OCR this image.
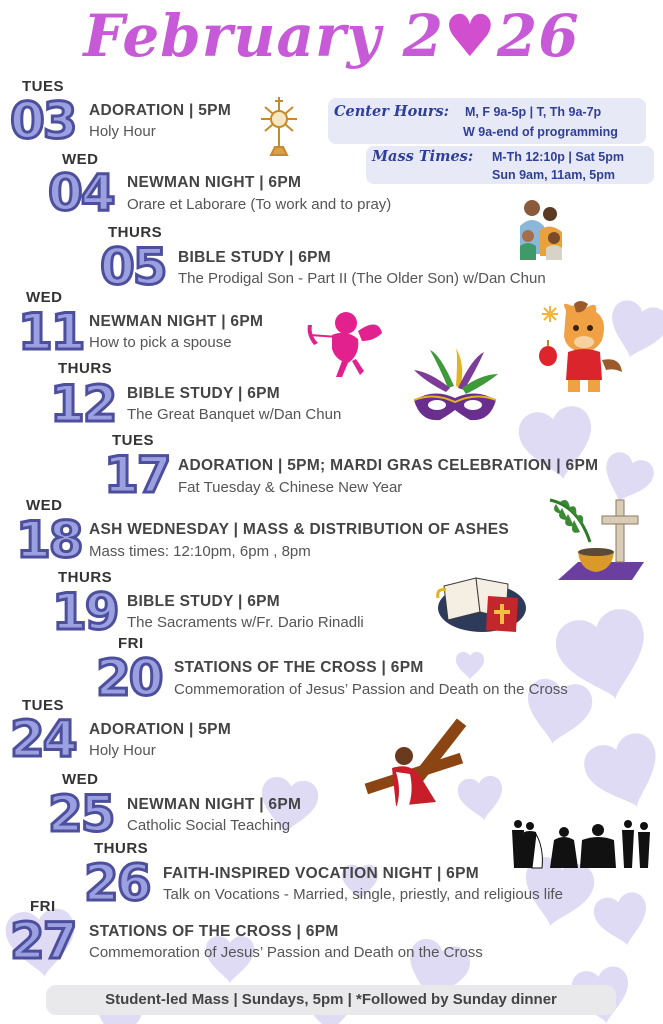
February 2♥26
Center Hours: M, F 9a-5p | T, Th 9a-7p
W 9a-end of programming
Mass Times: M-Th 12:10p | Sat 5pm
Sun 9am, 11am, 5pm
TUES
03 ADORATION | 5PM
Holy Hour
WED
04 NEWMAN NIGHT | 6PM
Orare et Laborare (To work and to pray)
THURS
05 BIBLE STUDY | 6PM
The Prodigal Son - Part II (The Older Son) w/Dan Chun
WED
11 NEWMAN NIGHT | 6PM
How to pick a spouse
THURS
12 BIBLE STUDY | 6PM
The Great Banquet w/Dan Chun
TUES
17 ADORATION | 5PM; MARDI GRAS CELEBRATION | 6PM
Fat Tuesday & Chinese New Year
WED
18 ASH WEDNESDAY | MASS & DISTRIBUTION OF ASHES
Mass times: 12:10pm, 6pm , 8pm
THURS
19 BIBLE STUDY | 6PM
The Sacraments w/Fr. Dario Rinadli
FRI
20 STATIONS OF THE CROSS | 6PM
Commemoration of Jesus’ Passion and Death on the Cross
TUES
24 ADORATION | 5PM
Holy Hour
WED
25 NEWMAN NIGHT | 6PM
Catholic Social Teaching
THURS
26 FAITH-INSPIRED VOCATION NIGHT | 6PM
Talk on Vocations - Married, single, priestly, and religious life
FRI
27 STATIONS OF THE CROSS | 6PM
Commemoration of Jesus’ Passion and Death on the Cross
Student-led Mass | Sundays, 5pm | *Followed by Sunday dinner
